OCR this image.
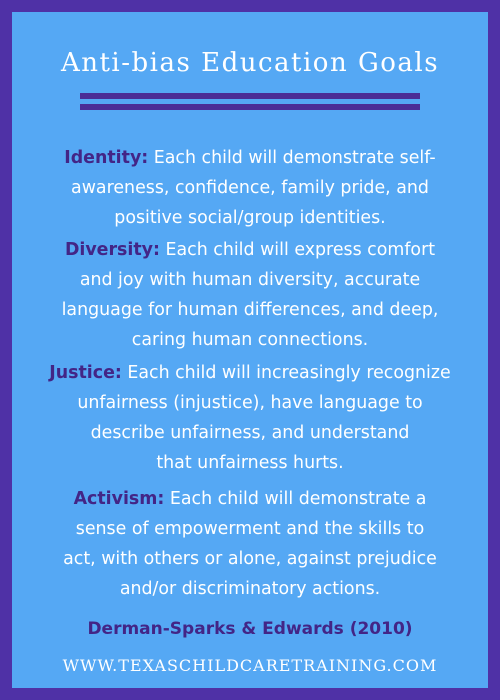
Anti-bias Education Goals
Identity: Each child will demonstrate self-
awareness, confidence, family pride, and
positive social/group identities.
Diversity: Each child will express comfort
and joy with human diversity, accurate
language for human differences, and deep,
caring human connections.
Justice: Each child will increasingly recognize
unfairness (injustice), have language to
describe unfairness, and understand
that unfairness hurts.
Activism: Each child will demonstrate a
sense of empowerment and the skills to
act, with others or alone, against prejudice
and/or discriminatory actions.
Derman-Sparks & Edwards (2010)
WWW.TEXASCHILDCARETRAINING.COM
